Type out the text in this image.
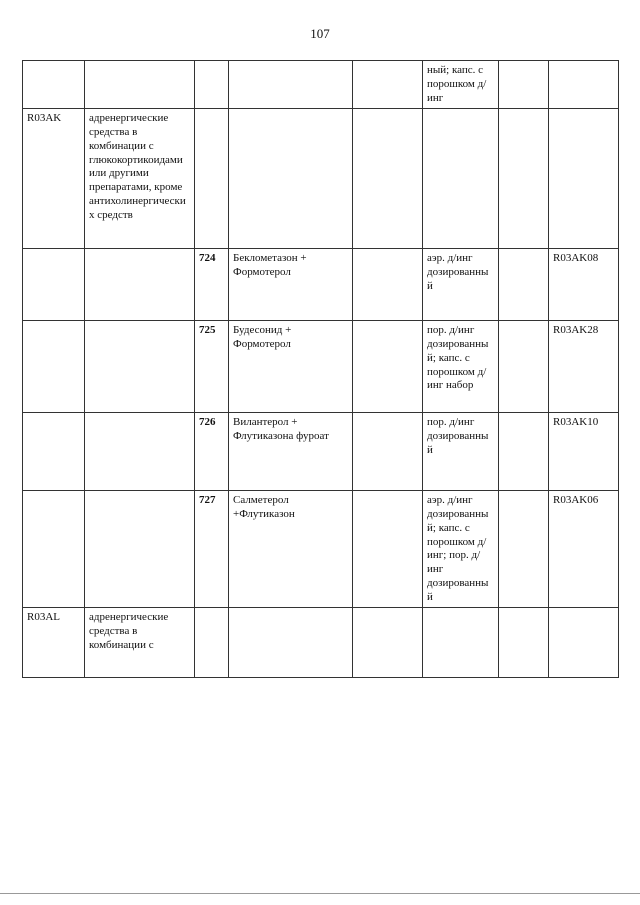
107
					ный; капс. с порошком д/инг		
R03AK	адренергические средства в комбинации с глюкокортикоидами или другими препаратами, кроме антихолинергических средств						
		724	Беклометазон + Формотерол		аэр. д/инг дозированный		R03AK08
		725	Будесонид + Формотерол		пор. д/инг дозированный; капс. с порошком д/инг набор		R03AK28
		726	Вилантерол + Флутиказона фуроат		пор. д/инг дозированный		R03AK10
		727	Салметерол +Флутиказон		аэр. д/инг дозированный; капс. с порошком д/инг; пор. д/инг дозированный		R03AK06
R03AL	адренергические средства в комбинации с						
